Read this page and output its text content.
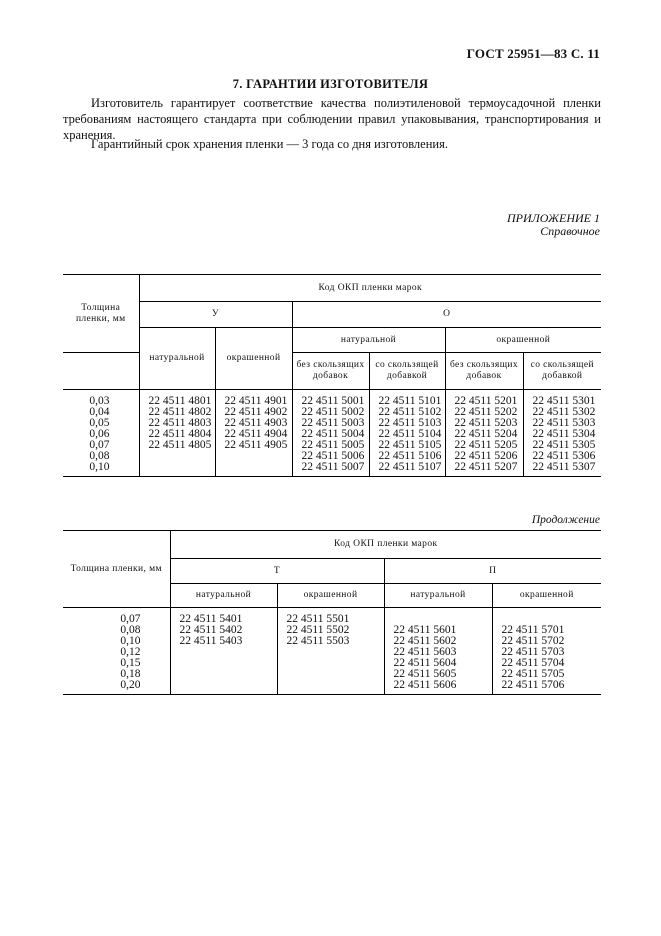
ГОСТ 25951—83 С. 11
7. ГАРАНТИИ ИЗГОТОВИТЕЛЯ

Изготовитель гарантирует соответствие качества полиэтиленовой термоусадочной пленки требованиям настоящего стандарта при соблюдении правил упаковывания, транспортирования и хранения.

Гарантийный срок хранения пленки — 3 года со дня изготовления.

ПРИЛОЖЕНИЕ 1
Справочное
Толщина пленки, мм	Код ОКП пленки марок					
	У		О			
	натуральной	окрашенной	натуральной		окрашенной	
			без скользящих добавок	со скользящей добавкой	без скользящих добавок	со скользящей добавкой
0,03	22 4511 4801	22 4511 4901	22 4511 5001	22 4511 5101	22 4511 5201	22 4511 5301
0,04	22 4511 4802	22 4511 4902	22 4511 5002	22 4511 5102	22 4511 5202	22 4511 5302
0,05	22 4511 4803	22 4511 4903	22 4511 5003	22 4511 5103	22 4511 5203	22 4511 5303
0,06	22 4511 4804	22 4511 4904	22 4511 5004	22 4511 5104	22 4511 5204	22 4511 5304
0,07	22 4511 4805	22 4511 4905	22 4511 5005	22 4511 5105	22 4511 5205	22 4511 5305
0,08			22 4511 5006	22 4511 5106	22 4511 5206	22 4511 5306
0,10			22 4511 5007	22 4511 5107	22 4511 5207	22 4511 5307
Продолжение
Толщина пленки, мм	Код ОКП пленки марок			
	Т		П	
	натуральной	окрашенной	натуральной	окрашенной
0,07	22 4511 5401	22 4511 5501		
0,08	22 4511 5402	22 4511 5502	22 4511 5601	22 4511 5701
0,10	22 4511 5403	22 4511 5503	22 4511 5602	22 4511 5702
0,12			22 4511 5603	22 4511 5703
0,15			22 4511 5604	22 4511 5704
0,18			22 4511 5605	22 4511 5705
0,20			22 4511 5606	22 4511 5706
